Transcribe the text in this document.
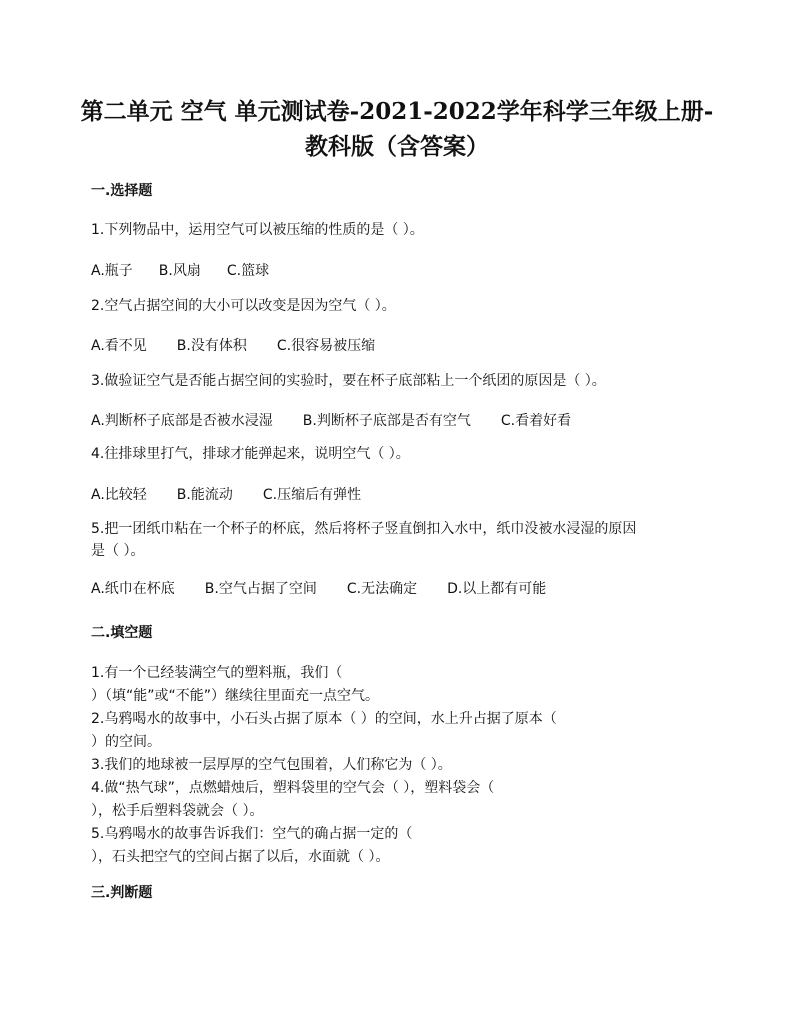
第二单元 空气 单元测试卷-2021-2022学年科学三年级上册-
教科版（含答案）

一.选择题

1.下列物品中，运用空气可以被压缩的性质的是（ ）。

A.瓶子 B.风扇 C.篮球

2.空气占据空间的大小可以改变是因为空气（ ）。

A.看不见 B.没有体积 C.很容易被压缩

3.做验证空气是否能占据空间的实验时，要在杯子底部粘上一个纸团的原因是（ ）。

A.判断杯子底部是否被水浸湿 B.判断杯子底部是否有空气 C.看着好看

4.往排球里打气，排球才能弹起来，说明空气（ ）。

A.比较轻 B.能流动 C.压缩后有弹性

5.把一团纸巾粘在一个杯子的杯底，然后将杯子竖直倒扣入水中，纸巾没被水浸湿的原因
是（ ）。

A.纸巾在杯底 B.空气占据了空间 C.无法确定 D.以上都有可能

二.填空题

1.有一个已经装满空气的塑料瓶，我们（
）（填“能”或“不能”）继续往里面充一点空气。
2.乌鸦喝水的故事中，小石头占据了原本（ ）的空间，水上升占据了原本（
）的空间。
3.我们的地球被一层厚厚的空气包围着，人们称它为（ ）。
4.做“热气球”，点燃蜡烛后，塑料袋里的空气会（ ），塑料袋会（
），松手后塑料袋就会（ ）。
5.乌鸦喝水的故事告诉我们：空气的确占据一定的（
），石头把空气的空间占据了以后，水面就（ ）。

三.判断题
